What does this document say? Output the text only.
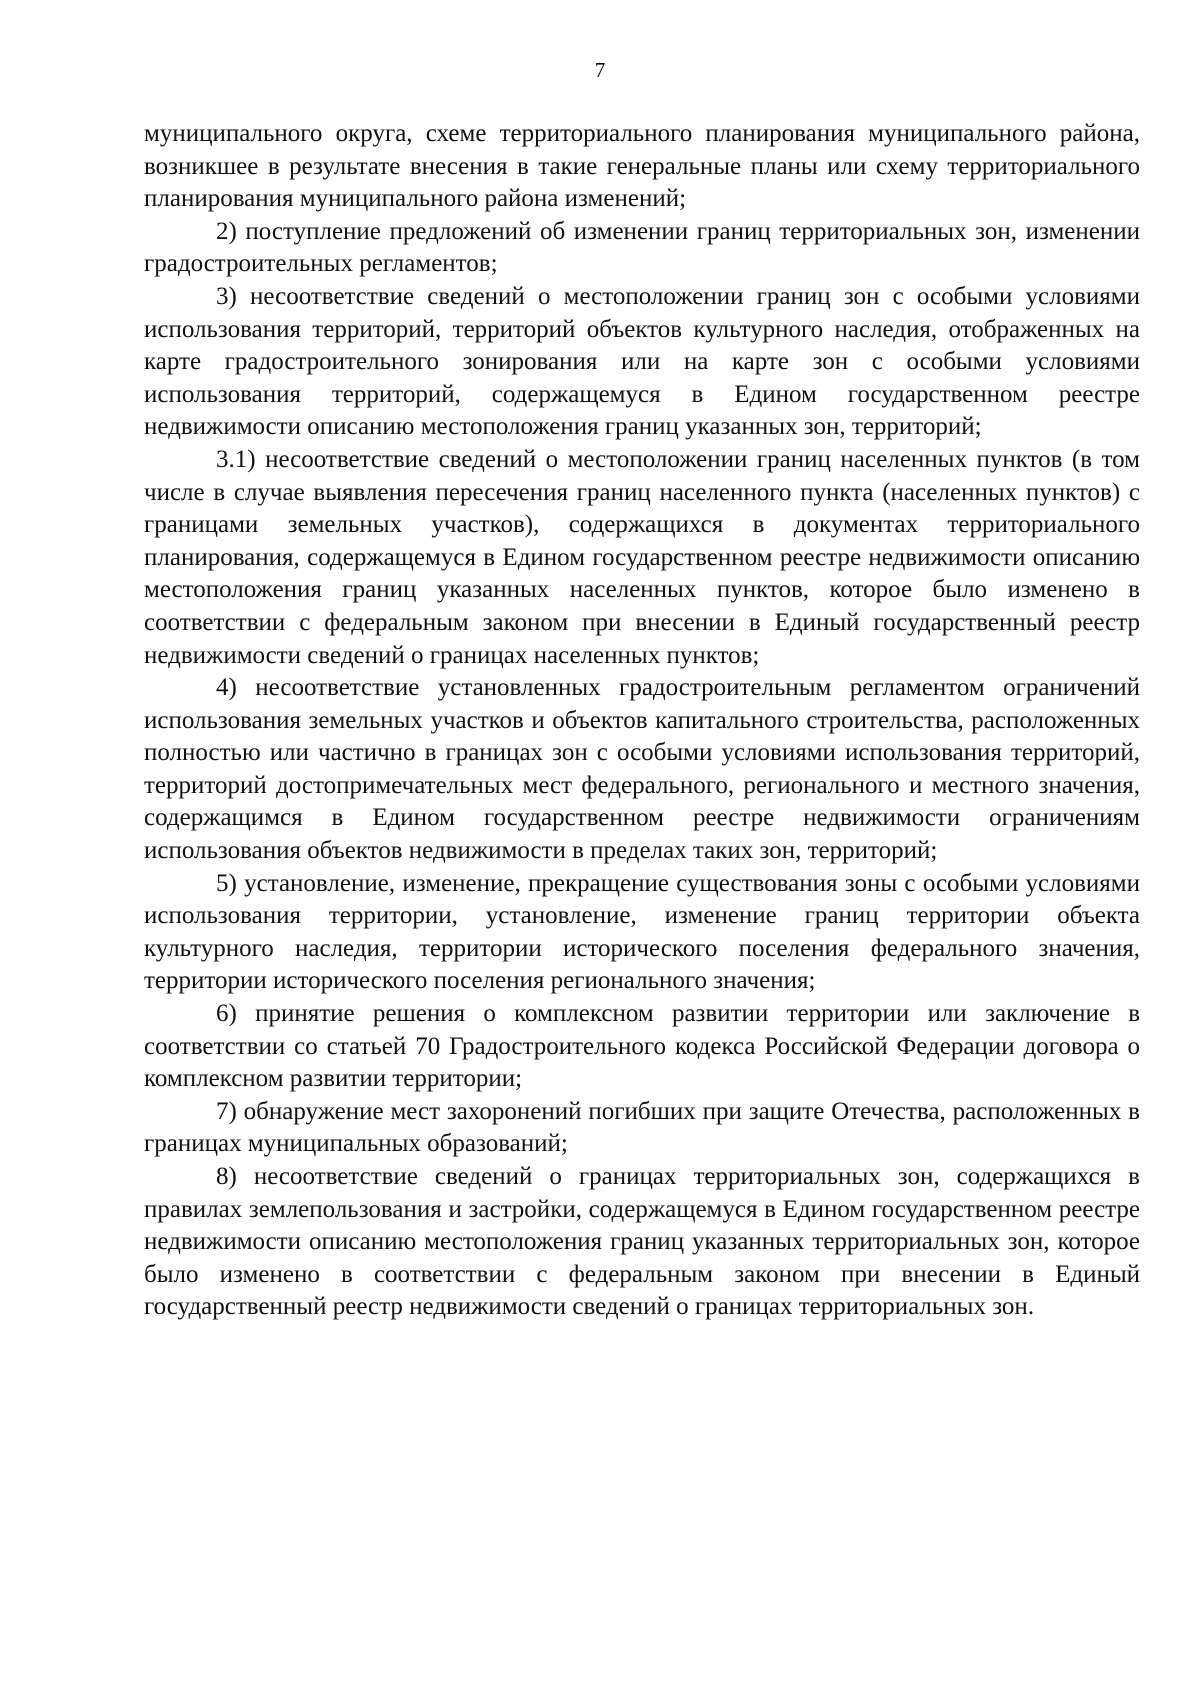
7

муниципального округа, схеме территориального планирования муниципального района, возникшее в результате внесения в такие генеральные планы или схему территориального планирования муниципального района изменений;

2) поступление предложений об изменении границ территориальных зон, изменении градостроительных регламентов;

3) несоответствие сведений о местоположении границ зон с особыми условиями использования территорий, территорий объектов культурного наследия, отображенных на карте градостроительного зонирования или на карте зон с особыми условиями использования территорий, содержащемуся в Едином государственном реестре недвижимости описанию местоположения границ указанных зон, территорий;

3.1) несоответствие сведений о местоположении границ населенных пунктов (в том числе в случае выявления пересечения границ населенного пункта (населенных пунктов) с границами земельных участков), содержащихся в документах территориального планирования, содержащемуся в Едином государственном реестре недвижимости описанию местоположения границ указанных населенных пунктов, которое было изменено в соответствии с федеральным законом при внесении в Единый государственный реестр недвижимости сведений о границах населенных пунктов;

4) несоответствие установленных градостроительным регламентом ограничений использования земельных участков и объектов капитального строительства, расположенных полностью или частично в границах зон с особыми условиями использования территорий, территорий достопримечательных мест федерального, регионального и местного значения, содержащимся в Едином государственном реестре недвижимости ограничениям использования объектов недвижимости в пределах таких зон, территорий;

5) установление, изменение, прекращение существования зоны с особыми условиями использования территории, установление, изменение границ территории объекта культурного наследия, территории исторического поселения федерального значения, территории исторического поселения регионального значения;

6) принятие решения о комплексном развитии территории или заключение в соответствии со статьей 70 Градостроительного кодекса Российской Федерации договора о комплексном развитии территории;

7) обнаружение мест захоронений погибших при защите Отечества, расположенных в границах муниципальных образований;

8) несоответствие сведений о границах территориальных зон, содержащихся в правилах землепользования и застройки, содержащемуся в Едином государственном реестре недвижимости описанию местоположения границ указанных территориальных зон, которое было изменено в соответствии с федеральным законом при внесении в Единый государственный реестр недвижимости сведений о границах территориальных зон.
